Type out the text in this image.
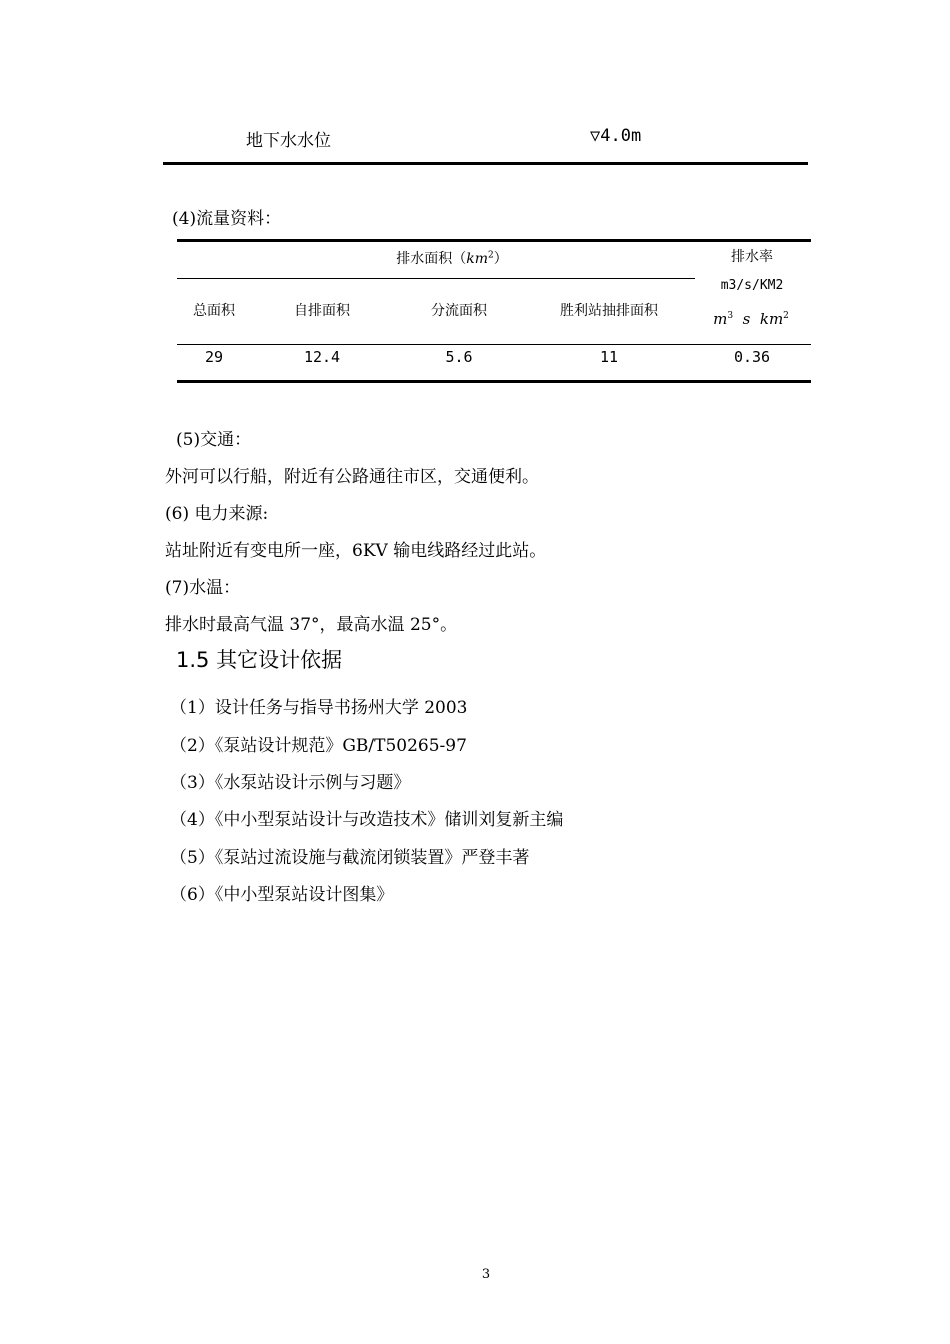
地下水水位	▽4.0m
(4)流量资料：
排水面积$(km^2)$	排水率
m3/s/KM2
总面积	自排面积	分流面积	胜利站抽排面积	$m^3$ s $km^2$
29	12.4	5.6	11	0.36
(5)交通：
外河可以行船，附近有公路通往市区，交通便利。
(6) 电力来源:
站址附近有变电所一座，6KV 输电线路经过此站。
(7)水温：
排水时最高气温 37°，最高水温 25°。
1.5 其它设计依据
（1）设计任务与指导书扬州大学 2003
（2）《泵站设计规范》GB/T50265-97
（3）《水泵站设计示例与习题》
（4）《中小型泵站设计与改造技术》储训刘复新主编
（5）《泵站过流设施与截流闭锁装置》严登丰著
（6）《中小型泵站设计图集》
3
